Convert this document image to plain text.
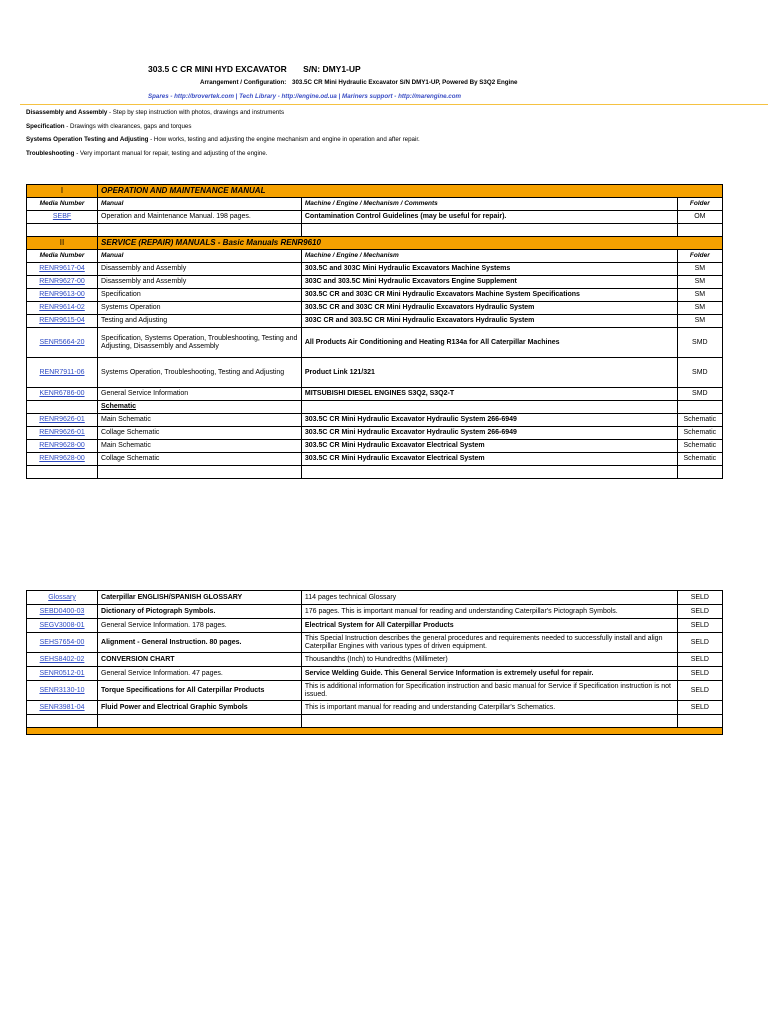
303.5 C CR MINI HYD EXCAVATOR S/N: DMY1-UP
Arrangement / Configuration: 303.5C CR Mini Hydraulic Excavator S/N DMY1-UP, Powered By S3Q2 Engine
Spares - http://brovertek.com | Tech Library - http://engine.od.ua | Mariners support - http://marengine.com
Disassembly and Assembly - Step by step instruction with photos, drawings and instruments
Specification - Drawings with clearances, gaps and torques
Systems Operation Testing and Adjusting - How works, testing and adjusting the engine mechanism and engine in operation and after repair.
Troubleshooting - Very important manual for repair, testing and adjusting of the engine.
I	OPERATION AND MAINTENANCE MANUAL		
Media Number	Manual	Machine / Engine / Mechanism / Comments	Folder
SEBF	Operation and Maintenance Manual. 198 pages.	Contamination Control Guidelines (may be useful for repair).	OM

II	SERVICE (REPAIR) MANUALS - Basic Manuals RENR9610		
Media Number	Manual	Machine / Engine / Mechanism	Folder
RENR9617-04	Disassembly and Assembly	303.5C and 303C Mini Hydraulic Excavators Machine Systems	SM
RENR9627-00	Disassembly and Assembly	303C and 303.5C Mini Hydraulic Excavators Engine Supplement	SM
RENR9613-00	Specification	303.5C CR and 303C CR Mini Hydraulic Excavators Machine System Specifications	SM
RENR9614-02	Systems Operation	303.5C CR and 303C CR Mini Hydraulic Excavators Hydraulic System	SM
RENR9615-04	Testing and Adjusting	303C CR and 303.5C CR Mini Hydraulic Excavators Hydraulic System	SM
SENR5664-20	Specification, Systems Operation, Troubleshooting, Testing and Adjusting, Disassembly and Assembly	All Products Air Conditioning and Heating R134a for All Caterpillar Machines	SMD
RENR7911-06	Systems Operation, Troubleshooting, Testing and Adjusting	Product Link 121/321	SMD
KENR6786-00	General Service Information	MITSUBISHI DIESEL ENGINES S3Q2, S3Q2-T	SMD
	Schematic		
RENR9626-01	Main Schematic	303.5C CR Mini Hydraulic Excavator Hydraulic System 266-6949	Schematic
RENR9626-01	Collage Schematic	303.5C CR Mini Hydraulic Excavator Hydraulic System 266-6949	Schematic
RENR9628-00	Main Schematic	303.5C CR Mini Hydraulic Excavator Electrical System	Schematic
RENR9628-00	Collage Schematic	303.5C CR Mini Hydraulic Excavator Electrical System	Schematic

Glossary	Caterpillar ENGLISH/SPANISH GLOSSARY	114 pages technical Glossary	SELD
SEBD0400-03	Dictionary of Pictograph Symbols.	176 pages. This is important manual for reading and understanding Caterpillar's Pictograph Symbols.	SELD
SEGV3008-01	General Service Information. 178 pages.	Electrical System for All Caterpillar Products	SELD
SEHS7654-00	Alignment - General Instruction. 80 pages.	This Special Instruction describes the general procedures and requirements needed to successfully install and align Caterpillar Engines with various types of driven equipment.	SELD
SEHS8402-02	CONVERSION CHART	Thousandths (Inch) to Hundredths (Millimeter)	SELD
SENR0512-01	General Service Information. 47 pages.	Service Welding Guide. This General Service Information is extremely useful for repair.	SELD
SENR3130-10	Torque Specifications for All Caterpillar Products	This is additional information for Specification instruction and basic manual for Service if Specification instruction is not issued.	SELD
SENR3981-04	Fluid Power and Electrical Graphic Symbols	This is important manual for reading and understanding Caterpillar's Schematics.	SELD
